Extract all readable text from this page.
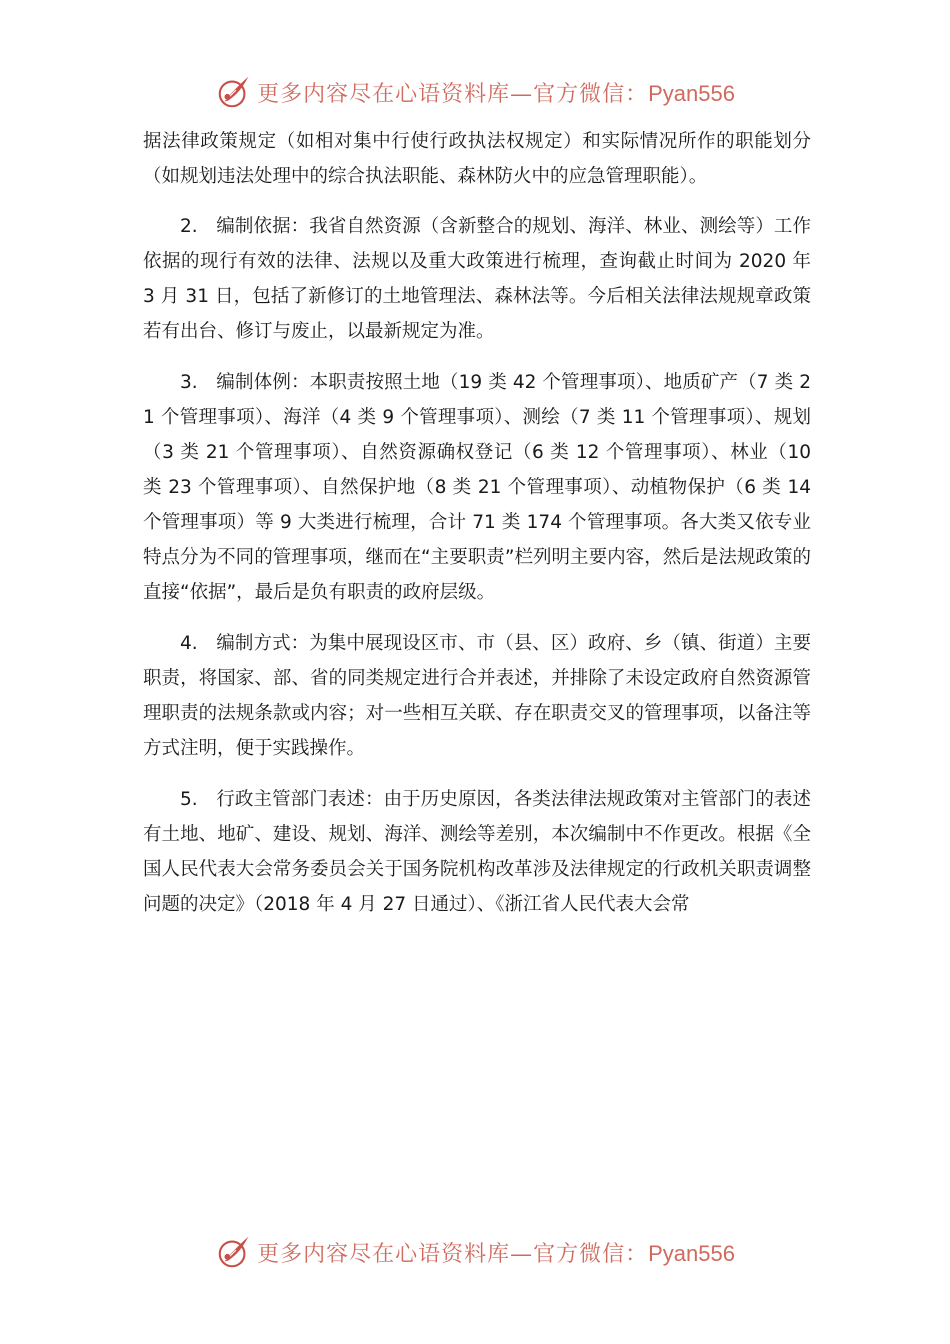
更多内容尽在心语资料库—官方微信：Pyan556

据法律政策规定（如相对集中行使行政执法权规定）和实际情况所作的职能划分（如规划违法处理中的综合执法职能、森林防火中的应急管理职能）。

2.　编制依据：我省自然资源（含新整合的规划、海洋、林业、测绘等）工作依据的现行有效的法律、法规以及重大政策进行梳理，查询截止时间为 2020 年 3 月 31 日，包括了新修订的土地管理法、森林法等。今后相关法律法规规章政策若有出台、修订与废止，以最新规定为准。

3.　编制体例：本职责按照土地（19 类 42 个管理事项）、地质矿产（7 类 21 个管理事项）、海洋（4 类 9 个管理事项）、测绘（7 类 11 个管理事项）、规划（3 类 21 个管理事项）、自然资源确权登记（6 类 12 个管理事项）、林业（10 类 23 个管理事项）、自然保护地（8 类 21 个管理事项）、动植物保护（6 类 14 个管理事项）等 9 大类进行梳理，合计 71 类 174 个管理事项。各大类又依专业特点分为不同的管理事项，继而在“主要职责”栏列明主要内容，然后是法规政策的直接“依据”，最后是负有职责的政府层级。

4.　编制方式：为集中展现设区市、市（县、区）政府、乡（镇、街道）主要职责，将国家、部、省的同类规定进行合并表述，并排除了未设定政府自然资源管理职责的法规条款或内容；对一些相互关联、存在职责交叉的管理事项，以备注等方式注明，便于实践操作。

5.　行政主管部门表述：由于历史原因，各类法律法规政策对主管部门的表述有土地、地矿、建设、规划、海洋、测绘等差别，本次编制中不作更改。根据《全国人民代表大会常务委员会关于国务院机构改革涉及法律规定的行政机关职责调整问题的决定》（2018 年 4 月 27 日通过）、《浙江省人民代表大会常

更多内容尽在心语资料库—官方微信：Pyan556
